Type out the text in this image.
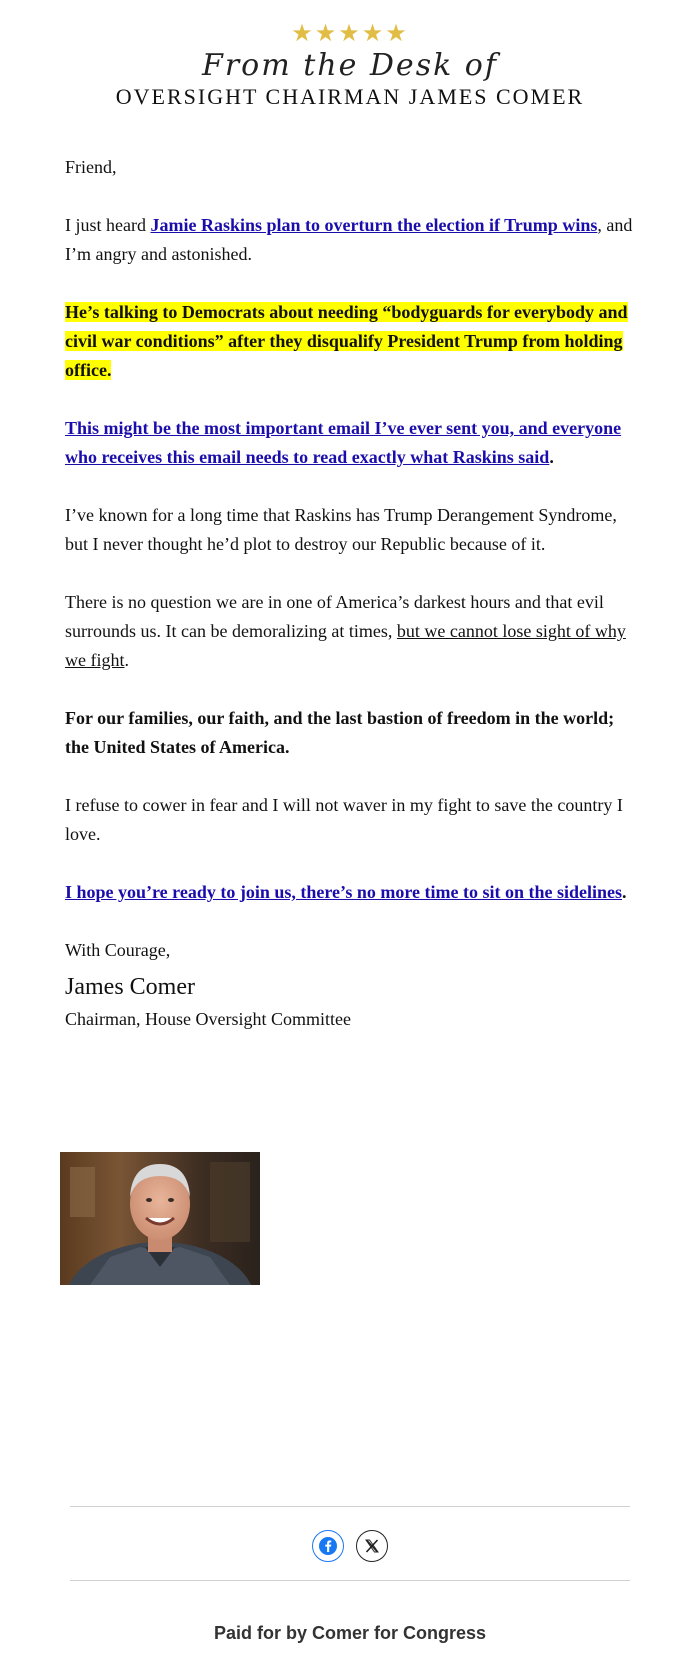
★★★★★
From the Desk of
OVERSIGHT CHAIRMAN JAMES COMER

Friend,

I just heard Jamie Raskins plan to overturn the election if Trump wins, and I’m angry and astonished.

He’s talking to Democrats about needing “bodyguards for everybody and civil war conditions” after they disqualify President Trump from holding office.

This might be the most important email I’ve ever sent you, and everyone who receives this email needs to read exactly what Raskins said.

I’ve known for a long time that Raskins has Trump Derangement Syndrome, but I never thought he’d plot to destroy our Republic because of it.

There is no question we are in one of America’s darkest hours and that evil surrounds us. It can be demoralizing at times, but we cannot lose sight of why we fight.

For our families, our faith, and the last bastion of freedom in the world; the United States of America.

I refuse to cower in fear and I will not waver in my fight to save the country I love.

I hope you’re ready to join us, there’s no more time to sit on the sidelines.

With Courage,

James Comer
Chairman, House Oversight Committee

Paid for by Comer for Congress
